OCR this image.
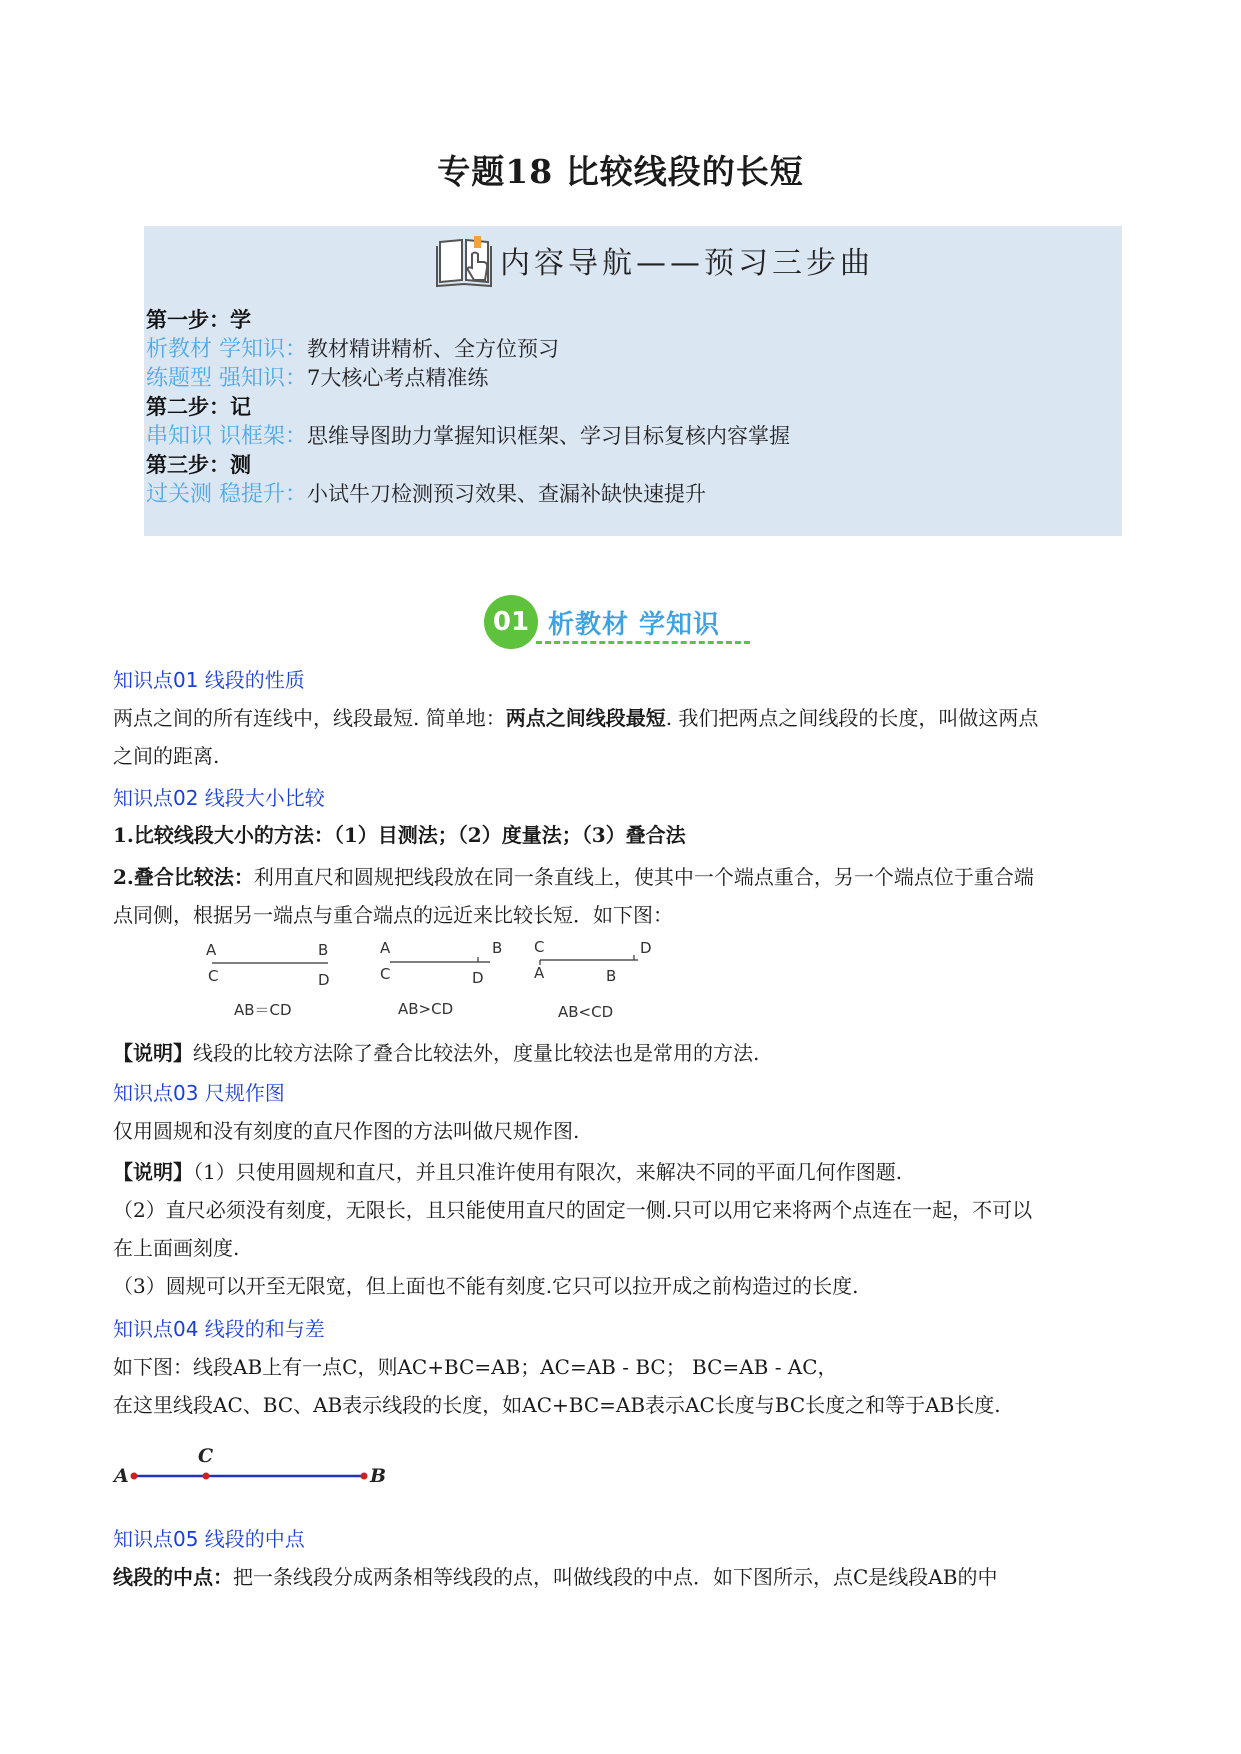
专题18 比较线段的长短
内容导航——预习三步曲
第一步：学
析教材 学知识：教材精讲精析、全方位预习
练题型 强知识：7大核心考点精准练
第二步：记
串知识 识框架：思维导图助力掌握知识框架、学习目标复核内容掌握
第三步：测
过关测 稳提升：小试牛刀检测预习效果、查漏补缺快速提升
01 析教材 学知识
知识点01 线段的性质
两点之间的所有连线中，线段最短. 简单地：两点之间线段最短. 我们把两点之间线段的长度，叫做这两点
之间的距离.
知识点02 线段大小比较
1.比较线段大小的方法：（1）目测法；（2）度量法；（3）叠合法
2.叠合比较法：利用直尺和圆规把线段放在同一条直线上，使其中一个端点重合，另一个端点位于重合端
点同侧，根据另一端点与重合端点的远近来比较长短．如下图：
A	B
C	D
AB＝CD
A	B
C	D
AB>CD
C	D
A	B
AB<CD
【说明】线段的比较方法除了叠合比较法外，度量比较法也是常用的方法.
知识点03 尺规作图
仅用圆规和没有刻度的直尺作图的方法叫做尺规作图.
【说明】（1）只使用圆规和直尺，并且只准许使用有限次，来解决不同的平面几何作图题.
（2）直尺必须没有刻度，无限长，且只能使用直尺的固定一侧.只可以用它来将两个点连在一起，不可以
在上面画刻度.
（3）圆规可以开至无限宽，但上面也不能有刻度.它只可以拉开成之前构造过的长度.
知识点04 线段的和与差
如下图：线段AB上有一点C，则AC+BC=AB；AC=AB - BC； BC=AB - AC，
在这里线段AC、BC、AB表示线段的长度，如AC+BC=AB表示AC长度与BC长度之和等于AB长度.
A
C
B
知识点05 线段的中点
线段的中点：把一条线段分成两条相等线段的点，叫做线段的中点．如下图所示，点C是线段AB的中
